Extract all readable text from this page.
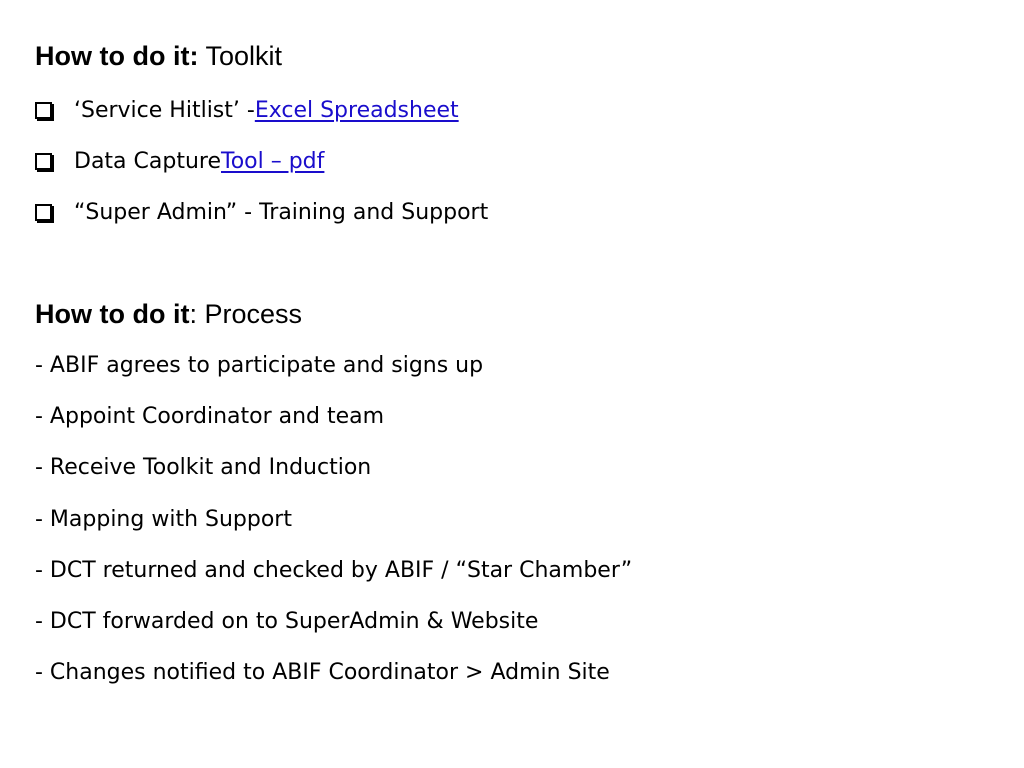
How to do it: Toolkit
‘Service Hitlist’ - Excel Spreadsheet
Data Capture Tool – pdf
“Super Admin” - Training and Support
How to do it: Process
- ABIF agrees to participate and signs up
- Appoint Coordinator and team
- Receive Toolkit and Induction
- Mapping with Support
- DCT returned and checked by ABIF / “Star Chamber”
- DCT forwarded on to SuperAdmin & Website
- Changes notified to ABIF Coordinator > Admin Site
